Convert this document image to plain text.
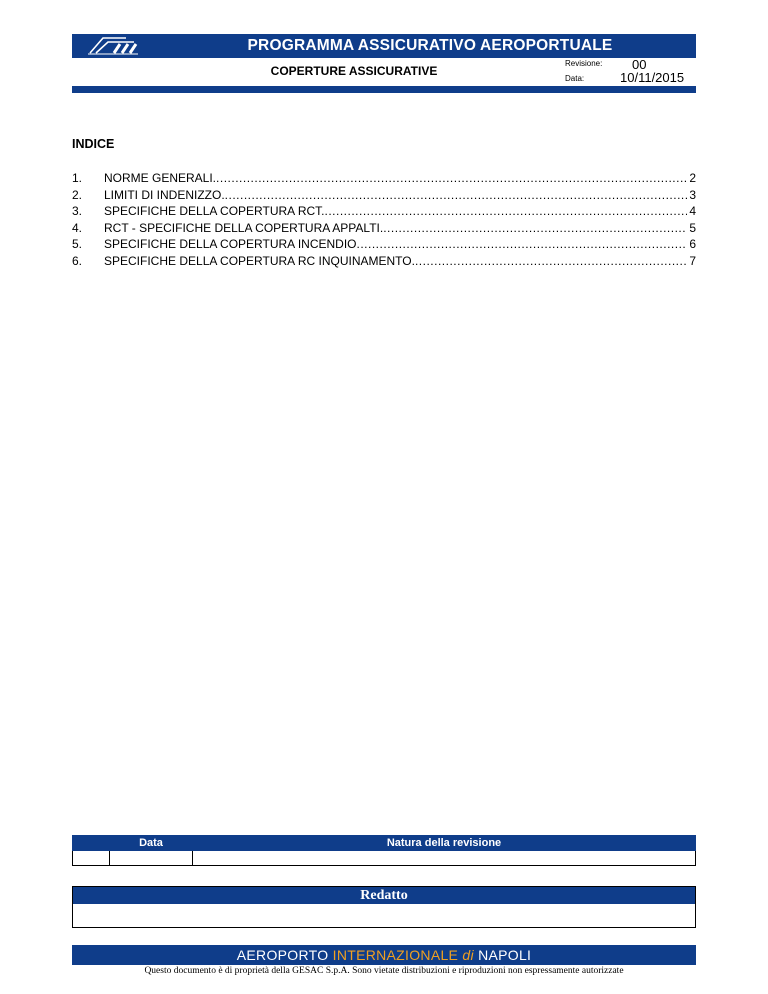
PROGRAMMA ASSICURATIVO AEROPORTUALE
COPERTURE ASSICURATIVE
Revisione: 00
Data:	10/11/2015
INDICE
1. NORME GENERALI. .....	2
2. LIMITI DI INDENIZZO. .....	3
3. SPECIFICHE DELLA COPERTURA RCT. .....	4
4. RCT - SPECIFICHE DELLA COPERTURA APPALTI. .....	5
5. SPECIFICHE DELLA COPERTURA INCENDIO .....	6
6. SPECIFICHE DELLA COPERTURA RC INQUINAMENTO. .....	7
	Data	Natura della revisione

Redatto
AEROPORTO INTERNAZIONALE di NAPOLI
Questo documento è di proprietà della GESAC S.p.A. Sono vietate distribuzioni e riproduzioni non espressamente autorizzate
